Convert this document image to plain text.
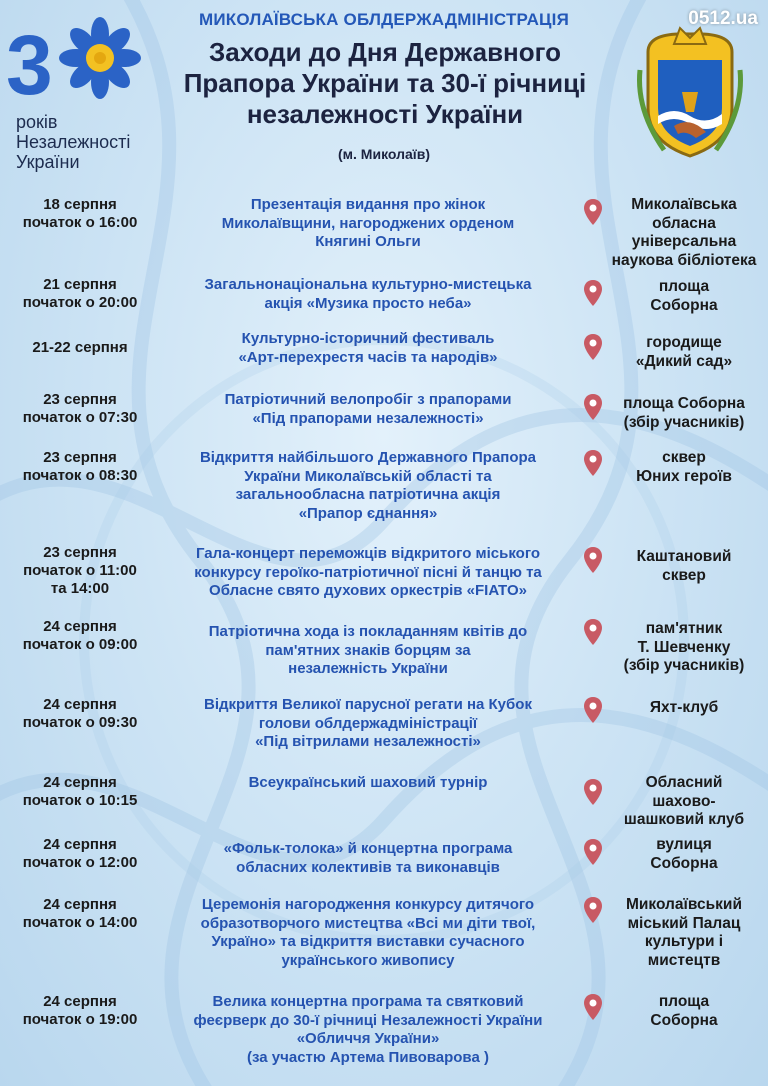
3
років
Незалежності
України
МИКОЛАЇВСЬКА ОБЛДЕРЖАДМІНІСТРАЦІЯ
Заходи до Дня Державного
Прапора України та 30-ї річниці
незалежності України
(м. Миколаїв)
0512.ua
18 серпня
початок о 16:00
Презентація видання про жінок
Миколаївщини, нагороджених орденом
Княгині Ольги
Миколаївська
обласна
універсальна
наукова бібліотека
21 серпня
початок о 20:00
Загальнонаціональна культурно-мистецька
акція «Музика просто неба»
площа
Соборна
21-22 серпня
Культурно-історичний фестиваль
«Арт-перехрестя часів та народів»
городище
«Дикий сад»
23 серпня
початок о 07:30
Патріотичний велопробіг з прапорами
«Під прапорами незалежності»
площа Соборна
(збір учасників)
23 серпня
початок о 08:30
Відкриття найбільшого Державного Прапора
України Миколаївській області та
загальнообласна патріотична акція
«Прапор єднання»
сквер
Юних героїв
23 серпня
початок о 11:00
та 14:00
Гала-концерт переможців відкритого міського
конкурсу героїко-патріотичної пісні й танцю та
Обласне свято духових оркестрів «FIATO»
Каштановий
сквер
24 серпня
початок о 09:00
Патріотична хода із покладанням квітів до
пам'ятних знаків борцям за
незалежність України
пам'ятник
Т. Шевченку
(збір учасників)
24 серпня
початок о 09:30
Відкриття Великої парусної регати на Кубок
голови облдержадміністрації
«Під вітрилами незалежності»
Яхт-клуб
24 серпня
початок о 10:15
Всеукраїнський шаховий турнір	Обласний
шахово-
шашковий клуб
24 серпня
початок о 12:00
«Фольк-толока» й концертна програма
обласних колективів та виконавців
вулиця
Соборна
24 серпня
початок о 14:00
Церемонія нагородження конкурсу дитячого
образотворчого мистецтва «Всі ми діти твої,
Україно» та відкриття виставки сучасного
українського живопису
Миколаївський
міський Палац
культури і
мистецтв
24 серпня
початок о 19:00
Велика концертна програма та святковий
феєрверк до 30-ї річниці Незалежності України
«Обличчя України»
(за участю Артема Пивоварова )
площа
Соборна
